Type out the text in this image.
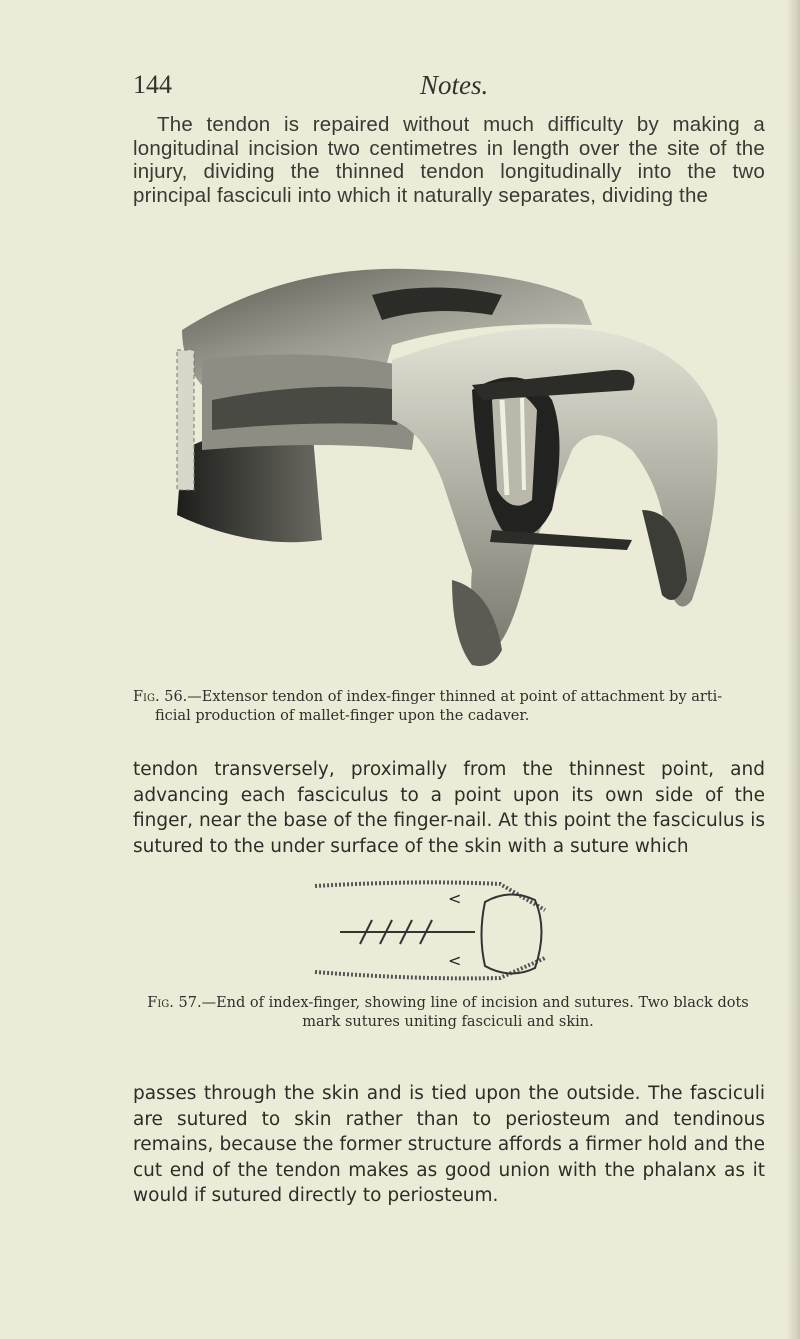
144	Notes.

The tendon is repaired without much difficulty by making a longitudinal incision two centimetres in length over the site of the injury, dividing the thinned tendon longitudinally into the two principal fasciculi into which it naturally separates, dividing the

Fig. 56.—Extensor tendon of index-finger thinned at point of attachment by arti-
ficial production of mallet-finger upon the cadaver.

tendon transversely, proximally from the thinnest point, and advancing each fasciculus to a point upon its own side of the finger, near the base of the finger-nail. At this point the fasciculus is sutured to the under surface of the skin with a suture which

<
<

Fig. 57.—End of index-finger, showing line of incision and sutures. Two black dots
mark sutures uniting fasciculi and skin.

passes through the skin and is tied upon the outside. The fasciculi are sutured to skin rather than to periosteum and tendinous remains, because the former structure affords a firmer hold and the cut end of the tendon makes as good union with the phalanx as it would if sutured directly to periosteum.
